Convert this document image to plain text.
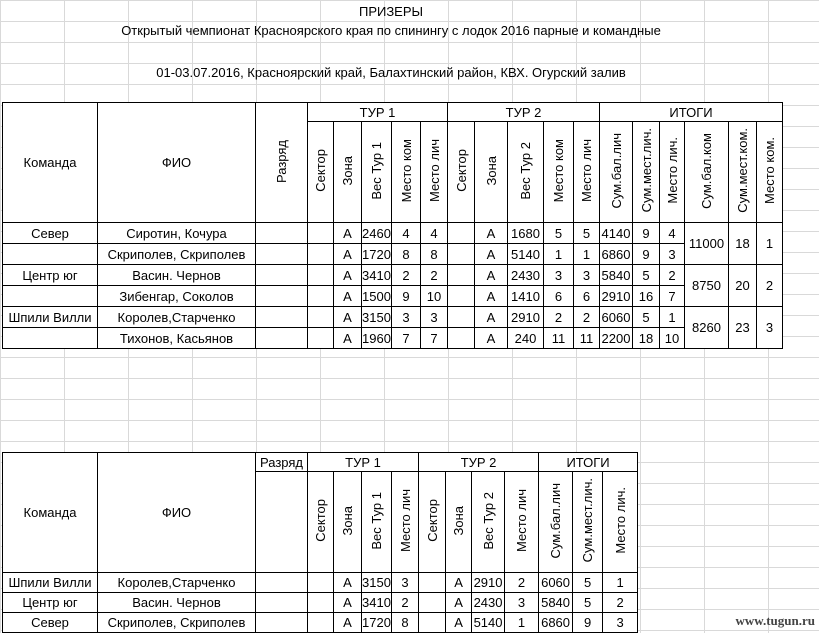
ПРИЗЕРЫ
Открытый чемпионат Красноярского края по спинингу с лодок 2016 парные и командные
01-03.07.2016, Красноярский край, Балахтинский район, КВХ. Огурский залив
Команда	ФИО	Разряд	ТУР 1					ТУР 2					ИТОГИ					
			Сектор	Зона	Вес Тур 1	Место ком	Место лич	Сектор	Зона	Вес Тур 2	Место ком	Место лич	Сум.бал.лич	Сум.мест.лич.	Место лич.	Сум.бал.ком	Сум.мест.ком.	Место ком.
Север	Сиротин, Кочура			А	2460	4	4		А	1680	5	5	4140	9	4	11000	18	1
	Скриполев, Скриполев			А	1720	8	8		А	5140	1	1	6860	9	3			
Центр юг	Васин. Чернов			А	3410	2	2		А	2430	3	3	5840	5	2	8750	20	2
	Зибенгар, Соколов			А	1500	9	10		А	1410	6	6	2910	16	7			
Шпили Вилли	Королев,Старченко			А	3150	3	3		А	2910	2	2	6060	5	1	8260	23	3
	Тихонов, Касьянов			А	1960	7	7		А	240	11	11	2200	18	10			
Команда	ФИО	Разряд	ТУР 1				ТУР 2				ИТОГИ		
			Сектор	Зона	Вес Тур 1	Место лич	Сектор	Зона	Вес Тур 2	Место лич	Сум.бал.лич	Сум.мест.лич.	Место лич.
Шпили Вилли	Королев,Старченко			А	3150	3		А	2910	2	6060	5	1
Центр юг	Васин. Чернов			А	3410	2		А	2430	3	5840	5	2
Север	Скриполев, Скриполев			А	1720	8		А	5140	1	6860	9	3	www.tugun.ru
